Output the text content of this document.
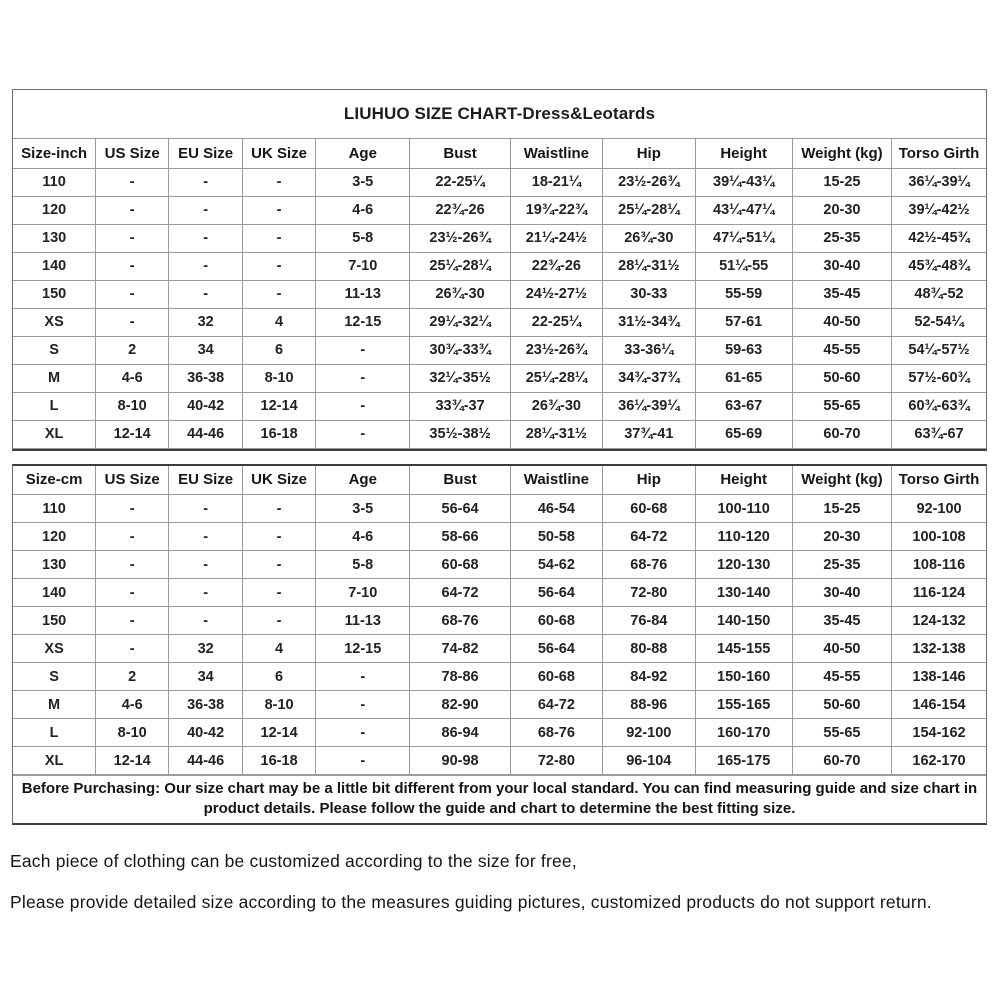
LIUHUO SIZE CHART-Dress&Leotards
Size-inch	US Size	EU Size	UK Size	Age	Bust	Waistline	Hip	Height	Weight (kg)	Torso Girth
110	-	-	-	3-5	22-25¼	18-21¼	23½-26¾	39¼-43¼	15-25	36¼-39¼
120	-	-	-	4-6	22¾-26	19¾-22¾	25¼-28¼	43¼-47¼	20-30	39¼-42½
130	-	-	-	5-8	23½-26¾	21¼-24½	26¾-30	47¼-51¼	25-35	42½-45¾
140	-	-	-	7-10	25¼-28¼	22¾-26	28¼-31½	51¼-55	30-40	45¾-48¾
150	-	-	-	11-13	26¾-30	24½-27½	30-33	55-59	35-45	48¾-52
XS	-	32	4	12-15	29¼-32¼	22-25¼	31½-34¾	57-61	40-50	52-54¼
S	2	34	6	-	30¾-33¾	23½-26¾	33-36¼	59-63	45-55	54¼-57½
M	4-6	36-38	8-10	-	32¼-35½	25¼-28¼	34¾-37¾	61-65	50-60	57½-60¾
L	8-10	40-42	12-14	-	33¾-37	26¾-30	36¼-39¼	63-67	55-65	60¾-63¾
XL	12-14	44-46	16-18	-	35½-38½	28¼-31½	37¾-41	65-69	60-70	63¾-67
Size-cm	US Size	EU Size	UK Size	Age	Bust	Waistline	Hip	Height	Weight (kg)	Torso Girth
110	-	-	-	3-5	56-64	46-54	60-68	100-110	15-25	92-100
120	-	-	-	4-6	58-66	50-58	64-72	110-120	20-30	100-108
130	-	-	-	5-8	60-68	54-62	68-76	120-130	25-35	108-116
140	-	-	-	7-10	64-72	56-64	72-80	130-140	30-40	116-124
150	-	-	-	11-13	68-76	60-68	76-84	140-150	35-45	124-132
XS	-	32	4	12-15	74-82	56-64	80-88	145-155	40-50	132-138
S	2	34	6	-	78-86	60-68	84-92	150-160	45-55	138-146
M	4-6	36-38	8-10	-	82-90	64-72	88-96	155-165	50-60	146-154
L	8-10	40-42	12-14	-	86-94	68-76	92-100	160-170	55-65	154-162
XL	12-14	44-46	16-18	-	90-98	72-80	96-104	165-175	60-70	162-170
Before Purchasing: Our size chart may be a little bit different from your local standard. You can find measuring guide and size chart in product details. Please follow the guide and chart to determine the best fitting size.

Each piece of clothing can be customized according to the size for free,

Please provide detailed size according to the measures guiding pictures, customized products do not support return.
